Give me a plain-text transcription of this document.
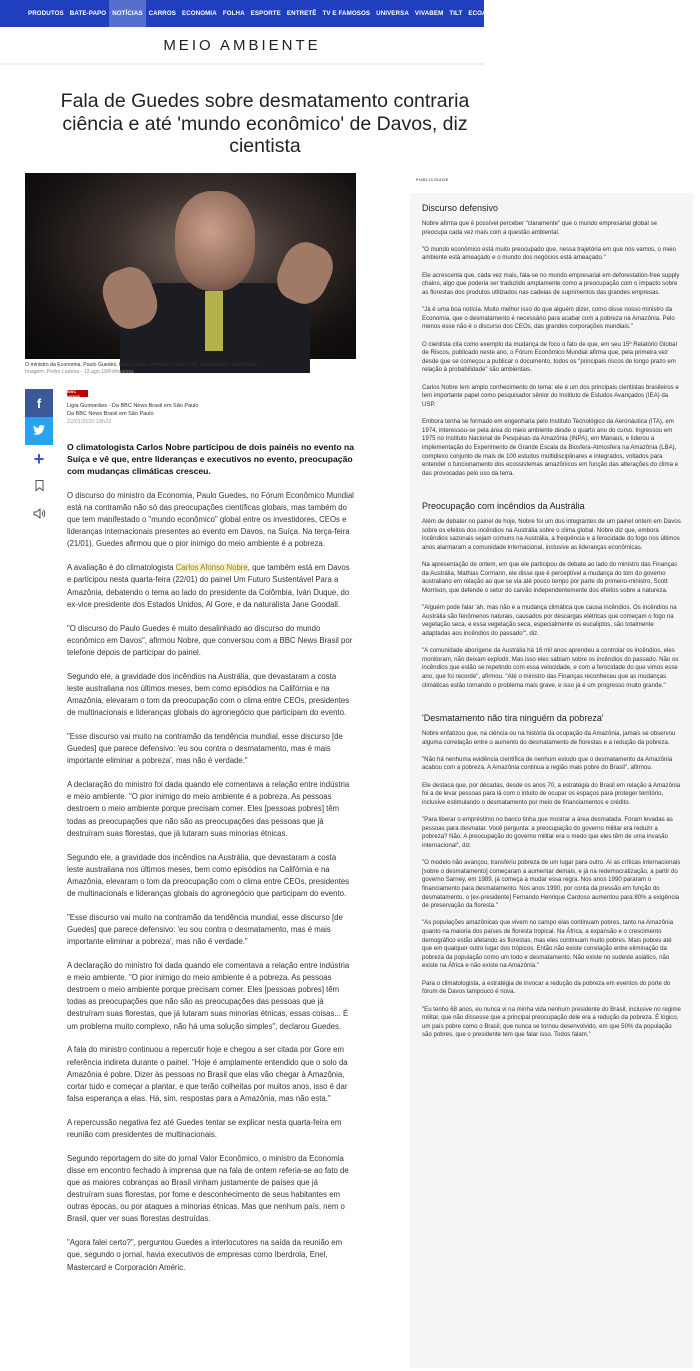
PRODUTOS BATE-PAPO NOTÍCIAS CARROS ECONOMIA FOLHA ESPORTE ENTRETÊ TV E FAMOSOS UNIVERSA VIVABEM TILT ECOA MOV + CANAIS
MEIO AMBIENTE
Fala de Guedes sobre desmatamento contraria ciência e até 'mundo econômico' de Davos, diz cientista
O ministro da Economia, Paulo Guedes, fala durante seminário sobre a MP da Liberdade Econômica
Imagem: Pedro Ladeira - 12.ago.19/Folhapress
f
+
BBC NEWS
Ligia Guimarães - Da BBC News Brasil em São Paulo
Da BBC News Brasil em São Paulo
22/01/2020 18h22
O climatologista Carlos Nobre participou de dois painéis no evento na Suíça e vê que, entre lideranças e executivos no evento, preocupação com mudanças climáticas cresceu.

O discurso do ministro da Economia, Paulo Guedes, no Fórum Econômico Mundial está na contramão não só das preocupações científicas globais, mas também do que tem manifestado o "mundo econômico" global entre os investidores, CEOs e lideranças internacionais presentes ao evento em Davos, na Suíça. Na terça-feira (21/01), Guedes afirmou que o pior inimigo do meio ambiente é a pobreza.

A avaliação é do climatologista Carlos Afonso Nobre, que também está em Davos e participou nesta quarta-feira (22/01) do painel Um Futuro Sustentável Para a Amazônia, debatendo o tema ao lado do presidente da Colômbia, Iván Duque, do ex-vice presidente dos Estados Unidos, Al Gore, e da naturalista Jane Goodall.

"O discurso do Paulo Guedes é muito desalinhado ao discurso do mundo econômico em Davos", afirmou Nobre, que conversou com a BBC News Brasil por telefone depois de participar do painel.

Segundo ele, a gravidade dos incêndios na Austrália, que devastaram a costa leste australiana nos últimos meses, bem como episódios na Califórnia e na Amazônia, elevaram o tom da preocupação com o clima entre CEOs, presidentes de multinacionais e lideranças globais do agronegócio que participam do evento.

"Esse discurso vai muito na contramão da tendência mundial, esse discurso [de Guedes] que parece defensivo: 'eu sou contra o desmatamento, mas é mais importante eliminar a pobreza', mas não é verdade."

A declaração do ministro foi dada quando ele comentava a relação entre indústria e meio ambiente. "O pior inimigo do meio ambiente é a pobreza. As pessoas destroem o meio ambiente porque precisam comer. Eles [pessoas pobres] têm todas as preocupações que não são as preocupações das pessoas que já destruíram suas florestas, que já lutaram suas minorias étnicas.

Segundo ele, a gravidade dos incêndios na Austrália, que devastaram a costa leste australiana nos últimos meses, bem como episódios na Califórnia e na Amazônia, elevaram o tom da preocupação com o clima entre CEOs, presidentes de multinacionais e lideranças globais do agronegócio que participam do evento.

"Esse discurso vai muito na contramão da tendência mundial, esse discurso [de Guedes] que parece defensivo: 'eu sou contra o desmatamento, mas é mais importante eliminar a pobreza', mas não é verdade."

A declaração do ministro foi dada quando ele comentava a relação entre indústria e meio ambiente. "O pior inimigo do meio ambiente é a pobreza. As pessoas destroem o meio ambiente porque precisam comer. Eles [pessoas pobres] têm todas as preocupações que não são as preocupações das pessoas que já destruíram suas florestas, que já lutaram suas minorias étnicas, essas coisas... É um problema muito complexo, não há uma solução simples", declarou Guedes.

A fala do ministro continuou a repercutir hoje e chegou a ser citada por Gore em referência indireta durante o painel. "Hoje é amplamente entendido que o solo da Amazônia é pobre. Dizer às pessoas no Brasil que elas vão chegar à Amazônia, cortar tudo e começar a plantar, e que terão colheitas por muitos anos, isso é dar falsa esperança a elas. Há, sim, respostas para a Amazônia, mas não esta."

A repercussão negativa fez até Guedes tentar se explicar nesta quarta-feira em reunião com presidentes de multinacionais.

Segundo reportagem do site do jornal Valor Econômico, o ministro da Economia disse em encontro fechado à imprensa que na fala de ontem referia-se ao fato de que as maiores cobranças ao Brasil vinham justamente de países que já destruíram suas florestas, por fome e desconhecimento de seus habitantes em outras épocas, ou por ataques a minorias étnicas. Mas que nenhum país, nem o Brasil, quer ver suas florestas destruídas.

"Agora falei certo?", perguntou Guedes a interlocutores na saída da reunião em que, segundo o jornal, havia executivos de empresas como Iberdrola, Enel, Mastercard e Corporación Améric.

PUBLICIDADE
Discurso defensivo

Nobre afirma que é possível perceber "claramente" que o mundo empresarial global se preocupa cada vez mais com a questão ambiental.

"O mundo econômico está muito preocupado que, nessa trajetória em que nós vamos, o meio ambiente está ameaçado e o mundo dos negócios está ameaçado."

Ele acrescenta que, cada vez mais, fala-se no mundo empresarial em deforestation-free supply chains, algo que poderia ser traduzido amplamente como a preocupação com o impacto sobre as florestas dos produtos utilizados nas cadeias de suprimentos das grandes empresas.

"Já é uma boa notícia. Muito melhor isso do que alguém dizer, como disse nosso ministro da Economia, que o desmatamento é necessário para acabar com a pobreza na Amazônia. Pelo menos esse não é o discurso dos CEOs, das grandes corporações mundiais."

O cientista cita como exemplo da mudança de foco o fato de que, em seu 15º Relatório Global de Riscos, publicado neste ano, o Fórum Econômico Mundial afirma que, pela primeira vez desde que se começou a publicar o documento, todos os "principais riscos de longo prazo em relação à probabilidade" são ambientais.

Carlos Nobre tem amplo conhecimento do tema: ele é um dos principais cientistas brasileiros e tem importante papel como pesquisador sênior do Instituto de Estudos Avançados (IEA) da USP.

Embora tenha se formado em engenharia pelo Instituto Tecnológico da Aeronáutica (ITA), em 1974, interessou-se pela área do meio ambiente desde o quarto ano do curso. Ingressou em 1975 no Instituto Nacional de Pesquisas da Amazônia (INPA), em Manaus, e liderou a implementação do Experimento de Grande Escala da Biosfera-Atmosfera na Amazônia (LBA), complexo conjunto de mais de 100 estudos multidisciplinares e integrados, voltados para entender o funcionamento dos ecossistemas amazônicos em função das alterações do clima e das provocadas pelo uso da terra.

Preocupação com incêndios da Austrália

Além de debater no painel de hoje, Nobre foi um dos integrantes de um painel ontem em Davos sobre os efeitos dos incêndios na Austrália sobre o clima global. Nobre diz que, embora incêndios sazonais sejam comuns na Austrália, a frequência e a ferocidade do fogo nos últimos anos alarmaram a comunidade internacional, inclusive as lideranças econômicas.

Na apresentação de ontem, em que ele participou de debate ao lado do ministro das Finanças da Austrália, Mathias Cormann, ele disse que é perceptível a mudança do tom do governo australiano em relação ao que se via até pouco tempo por parte do primeiro-ministro, Scott Morrison, que defende o setor do carvão independentemente dos efeitos sobre a natureza.

"Alguém pode falar 'ah, mas não é a mudança climática que causa incêndios. Os incêndios na Austrália são fenômenos naturais, causados por descargas elétricas que começam o fogo na vegetação seca, e essa vegetação seca, especialmente os eucaliptos, são totalmente adaptadas aos incêndios do passado'", diz.

"A comunidade aborígene da Austrália há 16 mil anos aprendeu a controlar os incêndios, eles monitoram, não deixam explodir. Mas isso eles sabiam sobre os incêndios do passado. Não os incêndios que estão se repetindo com essa velocidade, e com a ferocidade do que vimos esse ano, que foi recorde", afirmou. "Até o ministro das Finanças reconheceu que as mudanças climáticas estão tornando o problema mais grave, e isso já é um progresso muito grande."

'Desmatamento não tira ninguém da pobreza'

Nobre enfatizou que, na ciência ou na história da ocupação da Amazônia, jamais se observou alguma correlação entre o aumento do desmatamento de florestas e a redução da pobreza.

"Não há nenhuma evidência científica de nenhum estudo que o desmatamento da Amazônia acabou com a pobreza. A Amazônia continua a região mais pobre do Brasil", afirmou.

Ele destaca que, por décadas, desde os anos 70, a estratégia do Brasil em relação à Amazônia foi a de levar pessoas para lá com o intuito de ocupar os espaços para proteger território, inclusive estimulando o desmatamento por meio de financiamentos e crédito.

"Para liberar o empréstimo no banco tinha que mostrar a área desmatada. Foram levadas as pessoas para desmatar. Você pergunta: a preocupação do governo militar era reduzir a pobreza? Não. A preocupação do governo militar era o medo que eles têm de uma invasão internacional", diz.

"O modelo não avançou, transferiu pobreza de um lugar para outro. Aí as críticas internacionais [sobre o desmatamento] começaram a aumentar demais, e já na redemocratização, a partir do governo Sarney, em 1989, já começa a mudar essa regra. Nos anos 1990 pararam o financiamento para desmatamento. Nos anos 1990, por conta da pressão em função do desmatamento, o [ex-presidente] Fernando Henrique Cardoso aumentou para 80% a exigência de preservação da floresta."

"As populações amazônicas que vivem no campo elas continuam pobres, tanto na Amazônia quanto na maioria dos países de floresta tropical. Na África, a expansão e o crescimento demográfico estão afetando as florestas, mas eles continuam muito pobres. Mais pobres até que em qualquer outro lugar dos trópicos. Então não existe correlação entre eliminação da pobreza da população como um todo e desmatamento. Não existe no sudeste asiático, não existe na África e não existe na Amazônia."

Para o climatologista, a estratégia de invocar a redução da pobreza em eventos do porte do fórum de Davos tampouco é nova.

"Eu tenho 68 anos, eu nunca vi na minha vida nenhum presidente do Brasil, inclusive no regime militar, que não dissesse que a principal preocupação dele era a redução da pobreza. É lógico, um país pobre como o Brasil, que nunca se tornou desenvolvido, em que 50% da população são pobres, que o presidente tem que falar isso. Todos falam."
